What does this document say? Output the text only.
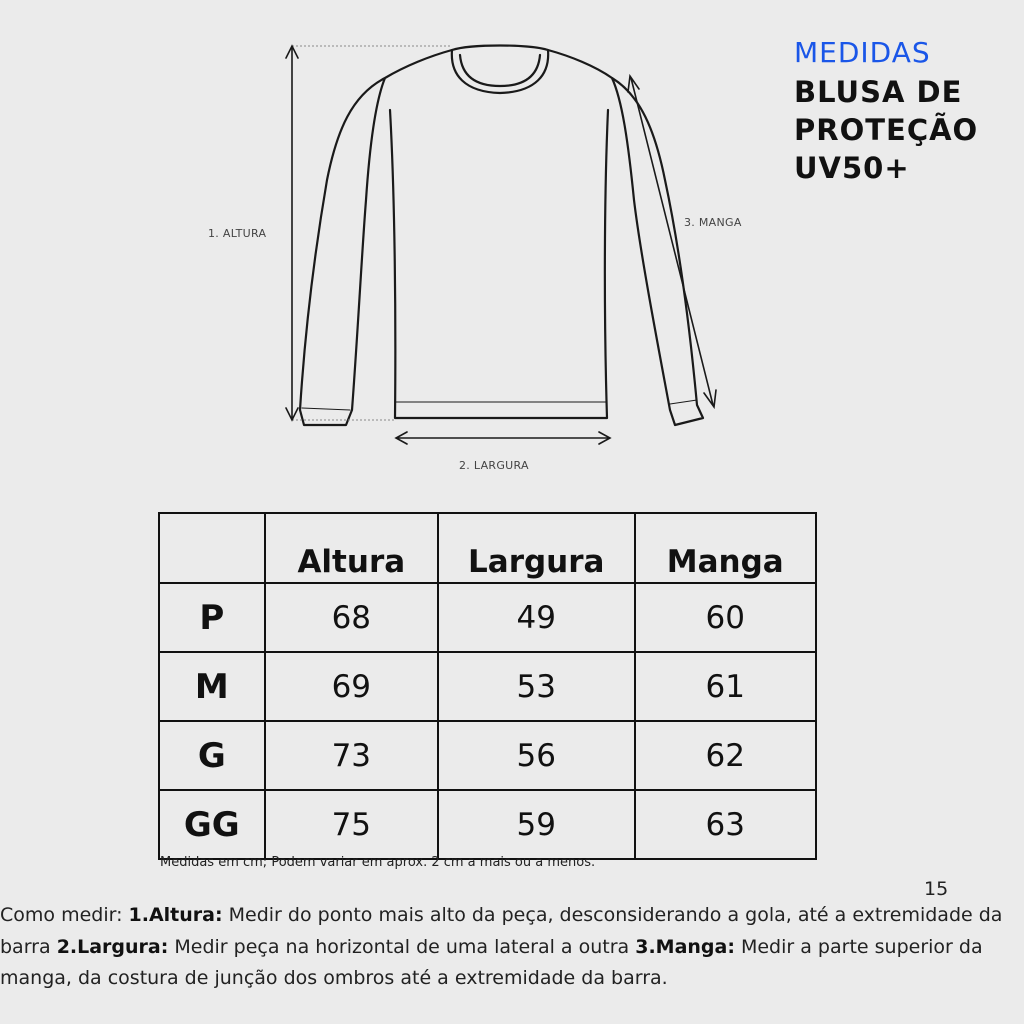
MEDIDAS
BLUSA DE
PROTEÇÃO
UV50+
1. ALTURA
2. LARGURA
3. MANGA
	Altura	Largura	Manga
P	68	49	60
M	69	53	61
G	73	56	62
GG	75	59	63
Medidas em cm; Podem variar em aprox. 2 cm a mais ou a menos.
15
Como medir: 1.Altura: Medir do ponto mais alto da peça, desconsiderando a gola, até a extremidade da barra 2.Largura: Medir peça na horizontal de uma lateral a outra 3.Manga: Medir a parte superior da manga, da costura de junção dos ombros até a extremidade da barra.
